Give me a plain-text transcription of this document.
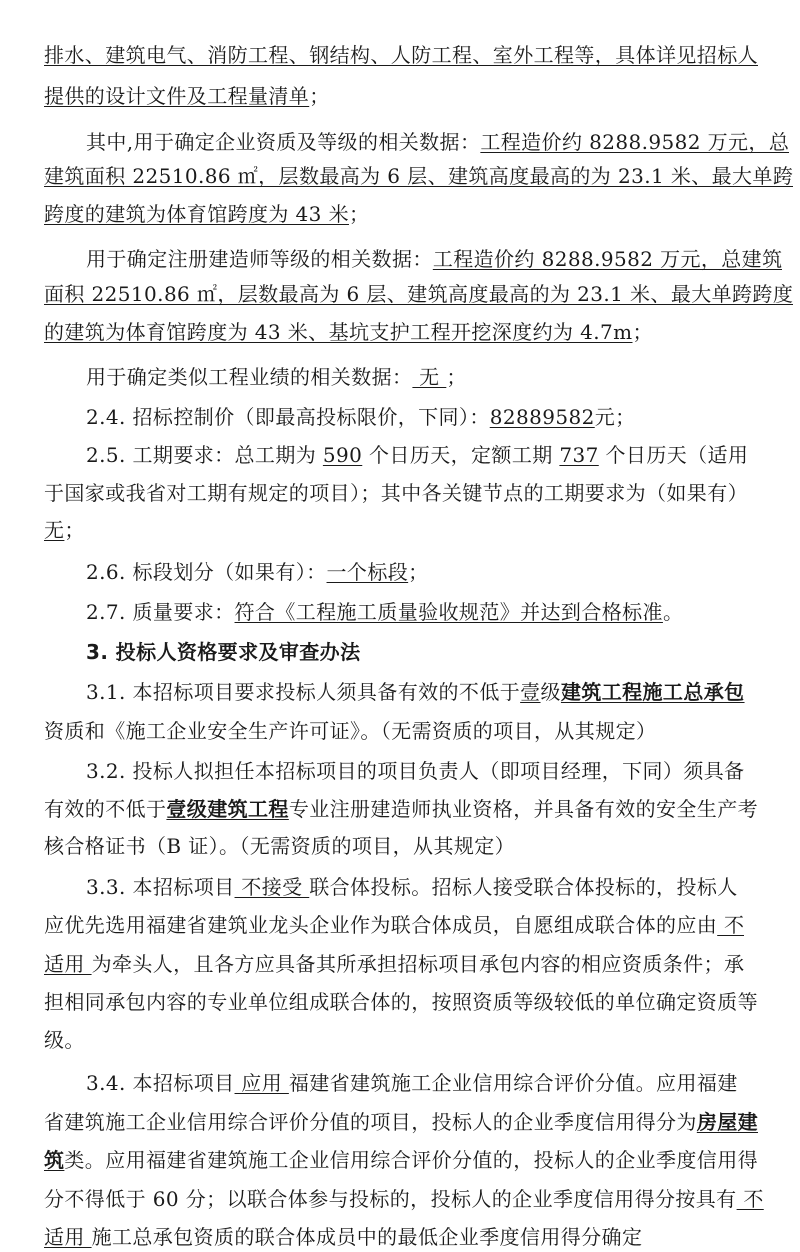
排水、建筑电气、消防工程、钢结构、人防工程、室外工程等，具体详见招标人
提供的设计文件及工程量清单；
其中,用于确定企业资质及等级的相关数据：工程造价约 8288.9582 万元，总
建筑面积 22510.86 ㎡，层数最高为 6 层、建筑高度最高的为 23.1 米、最大单跨
跨度的建筑为体育馆跨度为 43 米；
用于确定注册建造师等级的相关数据：工程造价约 8288.9582 万元，总建筑
面积 22510.86 ㎡，层数最高为 6 层、建筑高度最高的为 23.1 米、最大单跨跨度
的建筑为体育馆跨度为 43 米、基坑支护工程开挖深度约为 4.7m；
用于确定类似工程业绩的相关数据： 无 ；
2.4. 招标控制价（即最高投标限价，下同）：82889582元；
2.5. 工期要求：总工期为 590 个日历天，定额工期 737 个日历天（适用
于国家或我省对工期有规定的项目）；其中各关键节点的工期要求为（如果有）
无；
2.6. 标段划分（如果有）：一个标段；
2.7. 质量要求：符合《工程施工质量验收规范》并达到合格标准。
3. 投标人资格要求及审查办法
3.1. 本招标项目要求投标人须具备有效的不低于壹级建筑工程施工总承包
资质和《施工企业安全生产许可证》。（无需资质的项目，从其规定）
3.2. 投标人拟担任本招标项目的项目负责人（即项目经理，下同）须具备
有效的不低于壹级建筑工程专业注册建造师执业资格，并具备有效的安全生产考
核合格证书（B 证）。（无需资质的项目，从其规定）
3.3. 本招标项目 不接受 联合体投标。招标人接受联合体投标的，投标人
应优先选用福建省建筑业龙头企业作为联合体成员，自愿组成联合体的应由 不
适用 为牵头人，且各方应具备其所承担招标项目承包内容的相应资质条件；承
担相同承包内容的专业单位组成联合体的，按照资质等级较低的单位确定资质等
级。
3.4. 本招标项目 应用 福建省建筑施工企业信用综合评价分值。应用福建
省建筑施工企业信用综合评价分值的项目，投标人的企业季度信用得分为房屋建
筑类。应用福建省建筑施工企业信用综合评价分值的，投标人的企业季度信用得
分不得低于 60 分；以联合体参与投标的，投标人的企业季度信用得分按具有 不
适用 施工总承包资质的联合体成员中的最低企业季度信用得分确定
